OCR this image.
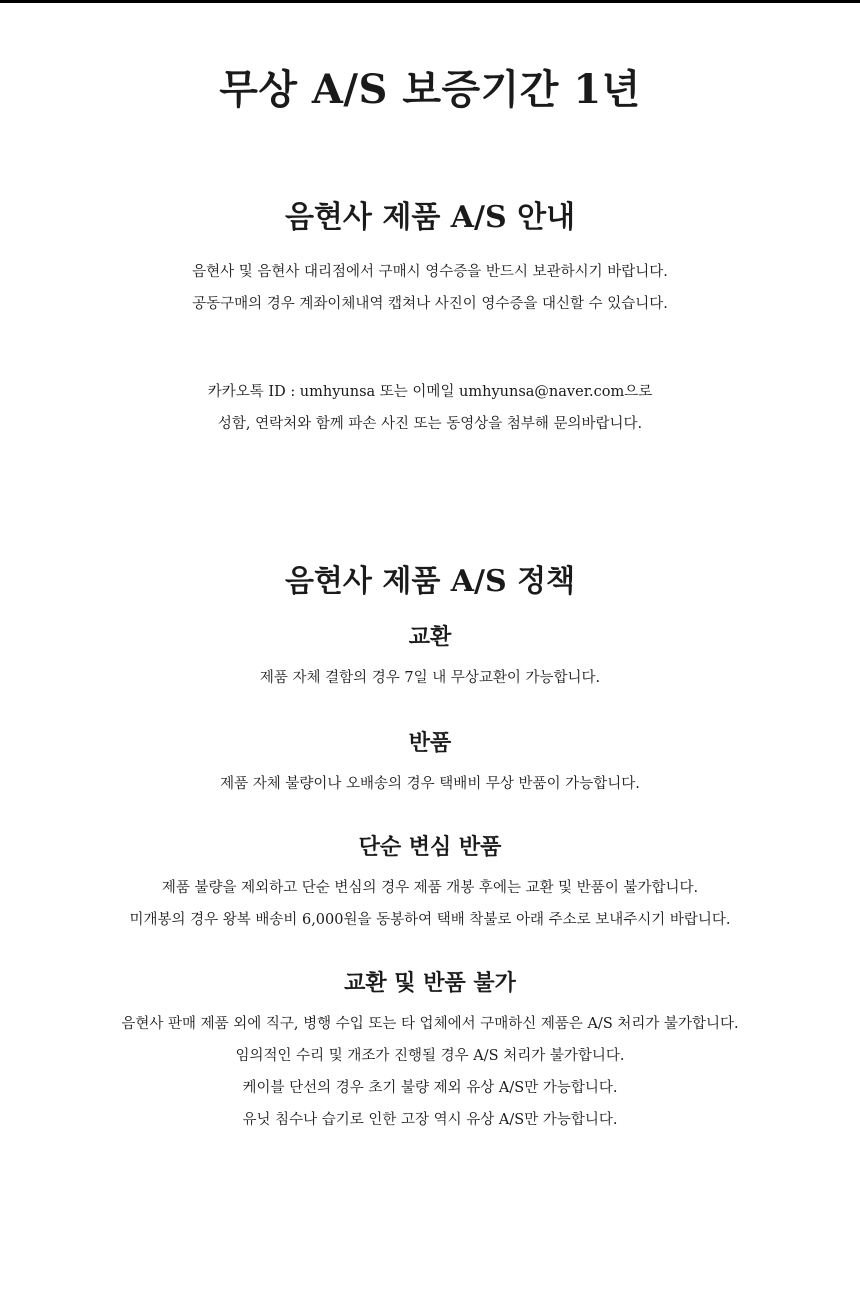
무상 A/S 보증기간 1년
음현사 제품 A/S 안내
음현사 및 음현사 대리점에서 구매시 영수증을 반드시 보관하시기 바랍니다.
공동구매의 경우 계좌이체내역 캡쳐나 사진이 영수증을 대신할 수 있습니다.
카카오톡 ID : umhyunsa 또는 이메일 umhyunsa@naver.com으로
성함, 연락처와 함께 파손 사진 또는 동영상을 첨부해 문의바랍니다.
음현사 제품 A/S 정책
교환
제품 자체 결함의 경우 7일 내 무상교환이 가능합니다.
반품
제품 자체 불량이나 오배송의 경우 택배비 무상 반품이 가능합니다.
단순 변심 반품
제품 불량을 제외하고 단순 변심의 경우 제품 개봉 후에는 교환 및 반품이 불가합니다.
미개봉의 경우 왕복 배송비 6,000원을 동봉하여 택배 착불로 아래 주소로 보내주시기 바랍니다.
교환 및 반품 불가
음현사 판매 제품 외에 직구, 병행 수입 또는 타 업체에서 구매하신 제품은 A/S 처리가 불가합니다.
임의적인 수리 및 개조가 진행될 경우 A/S 처리가 불가합니다.
케이블 단선의 경우 초기 불량 제외 유상 A/S만 가능합니다.
유닛 침수나 습기로 인한 고장 역시 유상 A/S만 가능합니다.
